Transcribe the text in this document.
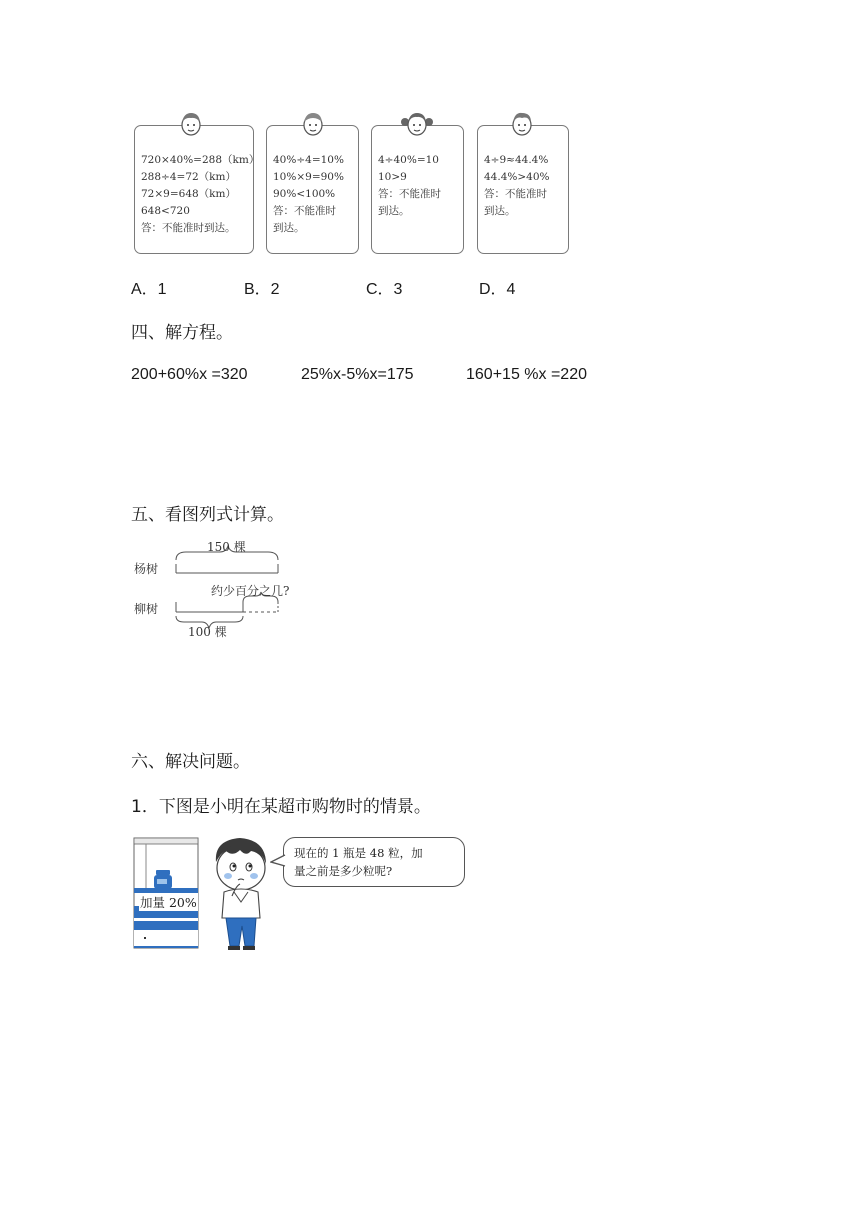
720×40%=288（km）
288÷4=72（km）
72×9=648（km）
648<720
答：不能准时到达。
40%÷4=10%
10%×9=90%
90%<100%
答：不能准时
到达。
4÷40%=10
10>9
答：不能准时
到达。
4÷9≈44.4%
44.4%>40%
答：不能准时
到达。
A．1	B．2	C．3	D．4
四、解方程。
200+60%x =320	25%x-5%x=175	160+15 %x =220
五、看图列式计算。
150 棵
杨树
约少百分之几?
柳树
100 棵
六、解决问题。
1．下图是小明在某超市购物时的情景。
加量 20%
现在的 1 瓶是 48 粒，加
量之前是多少粒呢?
